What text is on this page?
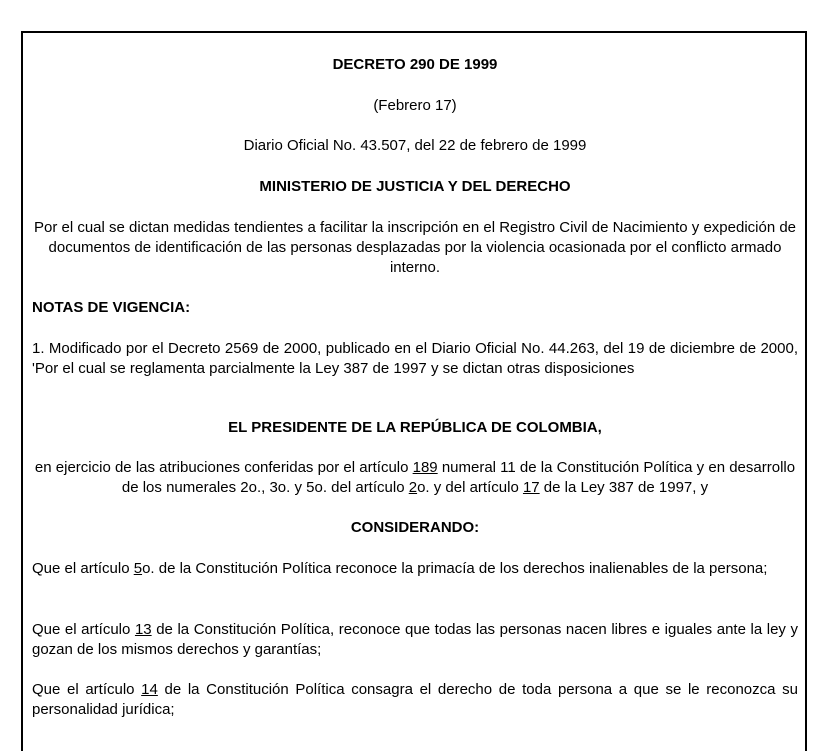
DECRETO 290 DE 1999

(Febrero 17)

Diario Oficial No. 43.507, del 22 de febrero de 1999

MINISTERIO DE JUSTICIA Y DEL DERECHO

Por el cual se dictan medidas tendientes a facilitar la inscripción en el Registro Civil de Nacimiento y expedición de documentos de identificación de las personas desplazadas por la violencia ocasionada por el conflicto armado interno.

NOTAS DE VIGENCIA:

1. Modificado por el Decreto 2569 de 2000, publicado en el Diario Oficial No. 44.263, del 19 de diciembre de 2000, 'Por el cual se reglamenta parcialmente la Ley 387 de 1997 y se dictan otras disposiciones

EL PRESIDENTE DE LA REPÚBLICA DE COLOMBIA,

en ejercicio de las atribuciones conferidas por el artículo 189 numeral 11 de la Constitución Política y en desarrollo de los numerales 2o., 3o. y 5o. del artículo 2o. y del artículo 17 de la Ley 387 de 1997, y

CONSIDERANDO:

Que el artículo 5o. de la Constitución Política reconoce la primacía de los derechos inalienables de la persona;

Que el artículo 13 de la Constitución Política, reconoce que todas las personas nacen libres e iguales ante la ley y gozan de los mismos derechos y garantías;

Que el artículo 14 de la Constitución Política consagra el derecho de toda persona a que se le reconozca su personalidad jurídica;
